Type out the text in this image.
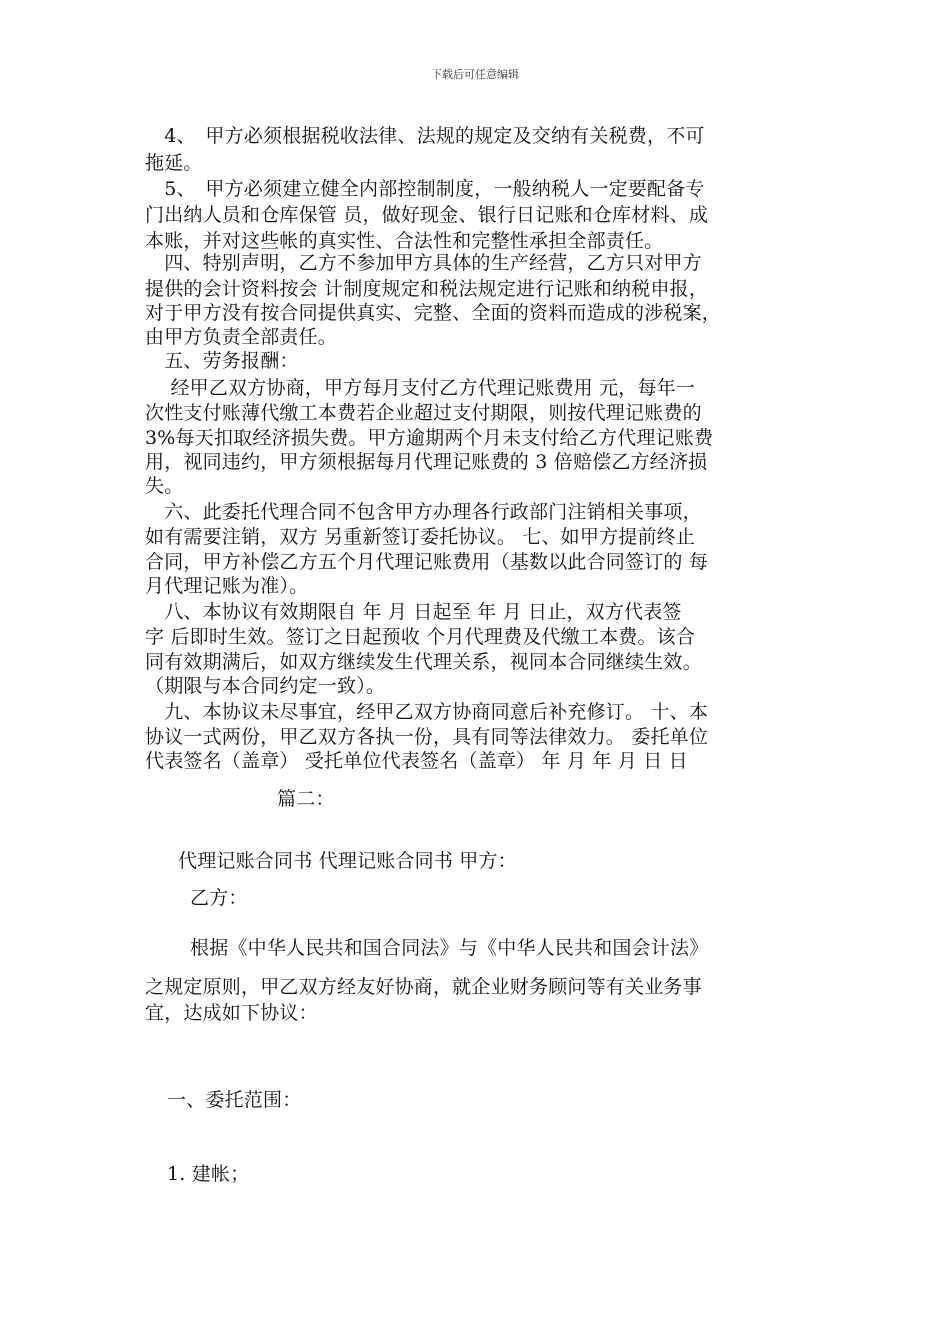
下载后可任意编辑
　4、　甲方必须根据税收法律、法规的规定及交纳有关税费，不可
拖延。
　5、　甲方必须建立健全内部控制制度，一般纳税人一定要配备专
门出纳人员和仓库保管 员，做好现金、银行日记账和仓库材料、成
本账，并对这些帐的真实性、合法性和完整性承担全部责任。
　四、特别声明，乙方不参加甲方具体的生产经营，乙方只对甲方
提供的会计资料按会 计制度规定和税法规定进行记账和纳税申报，
对于甲方没有按合同提供真实、完整、全面的资料而造成的涉税案，
由甲方负责全部责任。
　五、劳务报酬：
　 经甲乙双方协商，甲方每月支付乙方代理记账费用 元，每年一
次性支付账薄代缴工本费若企业超过支付期限，则按代理记账费的
3%每天扣取经济损失费。甲方逾期两个月未支付给乙方代理记账费
用，视同违约，甲方须根据每月代理记账费的 3 倍赔偿乙方经济损
失。
　六、此委托代理合同不包含甲方办理各行政部门注销相关事项，
如有需要注销，双方 另重新签订委托协议。 七、如甲方提前终止
合同，甲方补偿乙方五个月代理记账费用（基数以此合同签订的 每
月代理记账为准）。
　八、本协议有效期限自 年 月 日起至 年 月 日止，双方代表签
字 后即时生效。签订之日起预收 个月代理费及代缴工本费。该合
同有效期满后，如双方继续发生代理关系，视同本合同继续生效。
（期限与本合同约定一致）。
　九、本协议未尽事宜，经甲乙双方协商同意后补充修订。 十、本
协议一式两份，甲乙双方各执一份，具有同等法律效力。 委托单位
代表签名（盖章） 受托单位代表签名（盖章） 年 月 年 月 日 日
篇二：
代理记账合同书 代理记账合同书 甲方：
乙方：
根据《中华人民共和国合同法》与《中华人民共和国会计法》
之规定原则，甲乙双方经友好协商，就企业财务顾问等有关业务事
宜，达成如下协议：
一、委托范围：
1. 建帐；
